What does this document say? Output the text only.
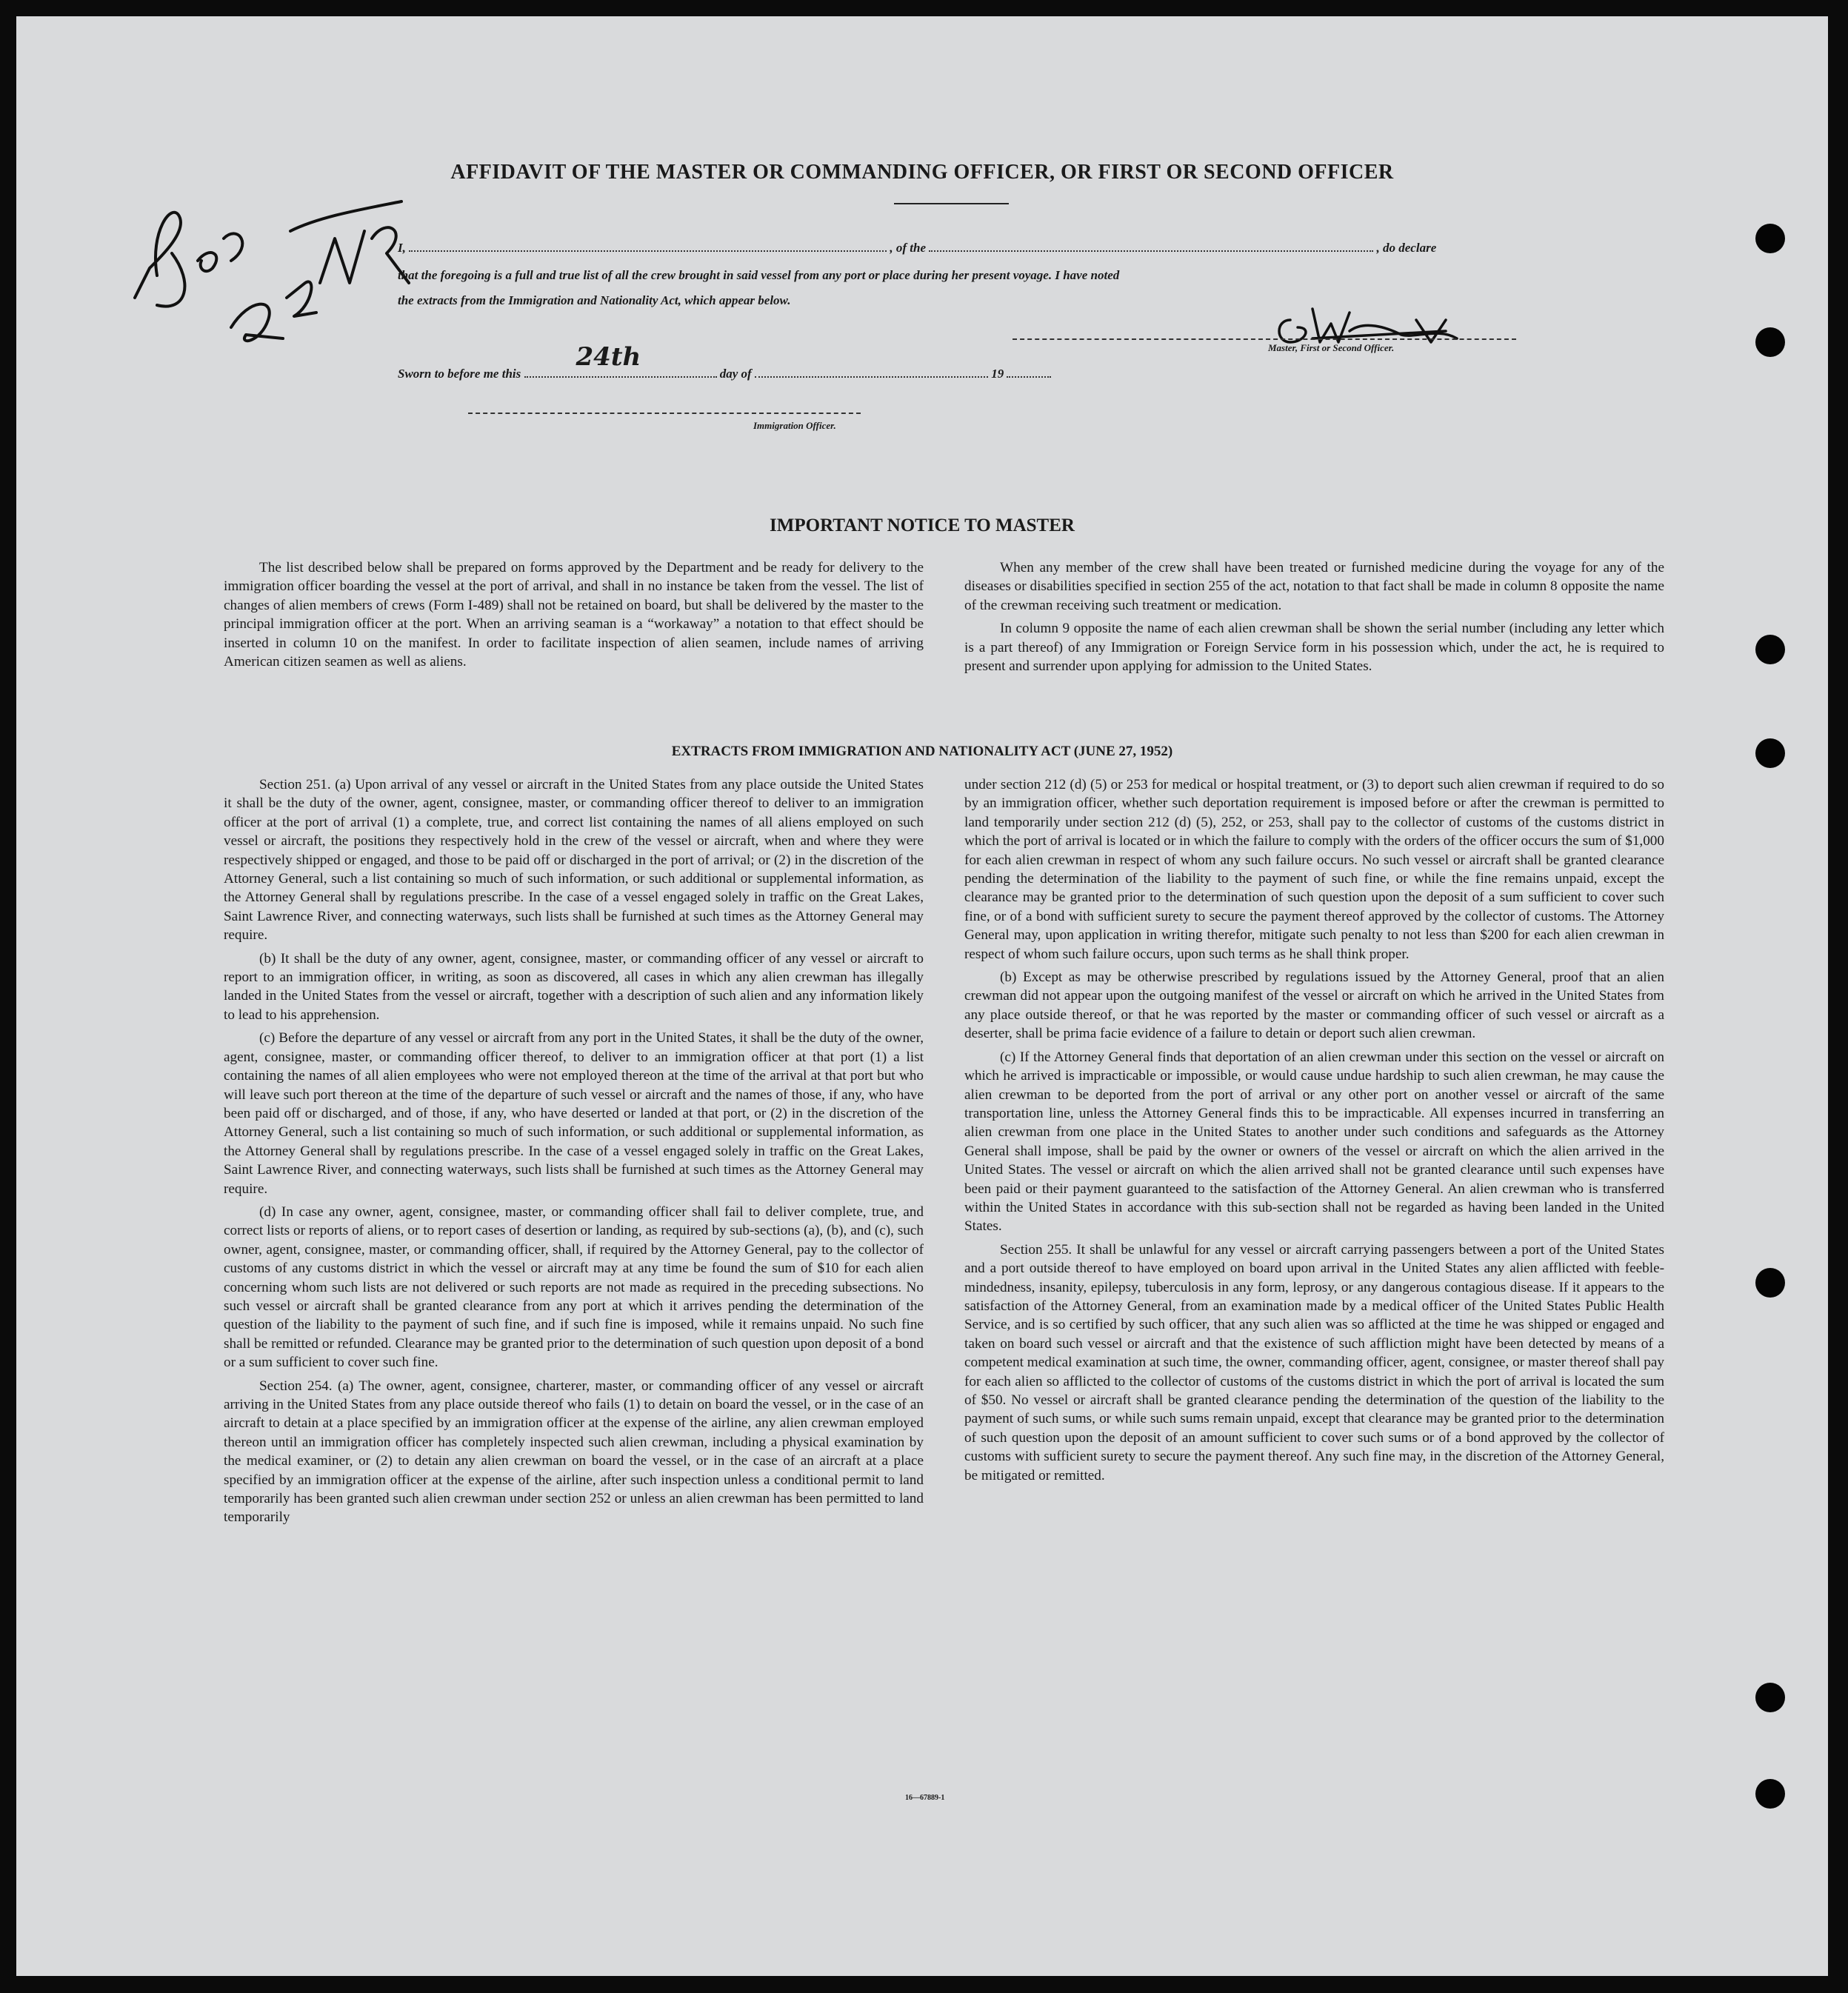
AFFIDAVIT OF THE MASTER OR COMMANDING OFFICER, OR FIRST OR SECOND OFFICER
I,	, of the	, do declare
that the foregoing is a full and true list of all the crew brought in said vessel from any port or place during her present voyage. I have noted
the extracts from the Immigration and Nationality Act, which appear below.
Master, First or Second Officer.
Sworn to before me this
24th
day of	19
Immigration Officer.
IMPORTANT NOTICE TO MASTER

The list described below shall be prepared on forms approved by the Department and be ready for delivery to the immigration officer boarding the vessel at the port of arrival, and shall in no instance be taken from the vessel. The list of changes of alien members of crews (Form I-489) shall not be retained on board, but shall be delivered by the master to the principal immigration officer at the port. When an arriving seaman is a “workaway” a notation to that effect should be inserted in column 10 on the manifest. In order to facilitate inspection of alien seamen, include names of arriving American citizen seamen as well as aliens.

When any member of the crew shall have been treated or furnished medicine during the voyage for any of the diseases or disabilities specified in section 255 of the act, notation to that fact shall be made in column 8 opposite the name of the crewman receiving such treatment or medication.

In column 9 opposite the name of each alien crewman shall be shown the serial number (including any letter which is a part thereof) of any Immigration or Foreign Service form in his possession which, under the act, he is required to present and surrender upon applying for admission to the United States.

EXTRACTS FROM IMMIGRATION AND NATIONALITY ACT (JUNE 27, 1952)

Section 251. (a) Upon arrival of any vessel or aircraft in the United States from any place outside the United States it shall be the duty of the owner, agent, consignee, master, or commanding officer thereof to deliver to an immigration officer at the port of arrival (1) a complete, true, and correct list containing the names of all aliens employed on such vessel or aircraft, the positions they respectively hold in the crew of the vessel or aircraft, when and where they were respectively shipped or engaged, and those to be paid off or discharged in the port of arrival; or (2) in the discretion of the Attorney General, such a list containing so much of such information, or such additional or supplemental information, as the Attorney General shall by regulations prescribe. In the case of a vessel engaged solely in traffic on the Great Lakes, Saint Lawrence River, and connecting waterways, such lists shall be furnished at such times as the Attorney General may require.

(b) It shall be the duty of any owner, agent, consignee, master, or commanding officer of any vessel or aircraft to report to an immigration officer, in writing, as soon as discovered, all cases in which any alien crewman has illegally landed in the United States from the vessel or aircraft, together with a description of such alien and any information likely to lead to his apprehension.

(c) Before the departure of any vessel or aircraft from any port in the United States, it shall be the duty of the owner, agent, consignee, master, or commanding officer thereof, to deliver to an immigration officer at that port (1) a list containing the names of all alien employees who were not employed thereon at the time of the arrival at that port but who will leave such port thereon at the time of the departure of such vessel or aircraft and the names of those, if any, who have been paid off or discharged, and of those, if any, who have deserted or landed at that port, or (2) in the discretion of the Attorney General, such a list containing so much of such information, or such additional or supplemental information, as the Attorney General shall by regulations prescribe. In the case of a vessel engaged solely in traffic on the Great Lakes, Saint Lawrence River, and connecting waterways, such lists shall be furnished at such times as the Attorney General may require.

(d) In case any owner, agent, consignee, master, or commanding officer shall fail to deliver complete, true, and correct lists or reports of aliens, or to report cases of desertion or landing, as required by sub-sections (a), (b), and (c), such owner, agent, consignee, master, or commanding officer, shall, if required by the Attorney General, pay to the collector of customs of any customs district in which the vessel or aircraft may at any time be found the sum of $10 for each alien concerning whom such lists are not delivered or such reports are not made as required in the preceding subsections. No such vessel or aircraft shall be granted clearance from any port at which it arrives pending the determination of the question of the liability to the payment of such fine, and if such fine is imposed, while it remains unpaid. No such fine shall be remitted or refunded. Clearance may be granted prior to the determination of such question upon deposit of a bond or a sum sufficient to cover such fine.

Section 254. (a) The owner, agent, consignee, charterer, master, or commanding officer of any vessel or aircraft arriving in the United States from any place outside thereof who fails (1) to detain on board the vessel, or in the case of an aircraft to detain at a place specified by an immigration officer at the expense of the airline, any alien crewman employed thereon until an immigration officer has completely inspected such alien crewman, including a physical examination by the medical examiner, or (2) to detain any alien crewman on board the vessel, or in the case of an aircraft at a place specified by an immigration officer at the expense of the airline, after such inspection unless a conditional permit to land temporarily has been granted such alien crewman under section 252 or unless an alien crewman has been permitted to land temporarily

under section 212 (d) (5) or 253 for medical or hospital treatment, or (3) to deport such alien crewman if required to do so by an immigration officer, whether such deportation requirement is imposed before or after the crewman is permitted to land temporarily under section 212 (d) (5), 252, or 253, shall pay to the collector of customs of the customs district in which the port of arrival is located or in which the failure to comply with the orders of the officer occurs the sum of $1,000 for each alien crewman in respect of whom any such failure occurs. No such vessel or aircraft shall be granted clearance pending the determination of the liability to the payment of such fine, or while the fine remains unpaid, except the clearance may be granted prior to the determination of such question upon the deposit of a sum sufficient to cover such fine, or of a bond with sufficient surety to secure the payment thereof approved by the collector of customs. The Attorney General may, upon application in writing therefor, mitigate such penalty to not less than $200 for each alien crewman in respect of whom such failure occurs, upon such terms as he shall think proper.

(b) Except as may be otherwise prescribed by regulations issued by the Attorney General, proof that an alien crewman did not appear upon the outgoing manifest of the vessel or aircraft on which he arrived in the United States from any place outside thereof, or that he was reported by the master or commanding officer of such vessel or aircraft as a deserter, shall be prima facie evidence of a failure to detain or deport such alien crewman.

(c) If the Attorney General finds that deportation of an alien crewman under this section on the vessel or aircraft on which he arrived is impracticable or impossible, or would cause undue hardship to such alien crewman, he may cause the alien crewman to be deported from the port of arrival or any other port on another vessel or aircraft of the same transportation line, unless the Attorney General finds this to be impracticable. All expenses incurred in transferring an alien crewman from one place in the United States to another under such conditions and safeguards as the Attorney General shall impose, shall be paid by the owner or owners of the vessel or aircraft on which the alien arrived in the United States. The vessel or aircraft on which the alien arrived shall not be granted clearance until such expenses have been paid or their payment guaranteed to the satisfaction of the Attorney General. An alien crewman who is transferred within the United States in accordance with this sub-section shall not be regarded as having been landed in the United States.

Section 255. It shall be unlawful for any vessel or aircraft carrying passengers between a port of the United States and a port outside thereof to have employed on board upon arrival in the United States any alien afflicted with feeble-mindedness, insanity, epilepsy, tuberculosis in any form, leprosy, or any dangerous contagious disease. If it appears to the satisfaction of the Attorney General, from an examination made by a medical officer of the United States Public Health Service, and is so certified by such officer, that any such alien was so afflicted at the time he was shipped or engaged and taken on board such vessel or aircraft and that the existence of such affliction might have been detected by means of a competent medical examination at such time, the owner, commanding officer, agent, consignee, or master thereof shall pay for each alien so afflicted to the collector of customs of the customs district in which the port of arrival is located the sum of $50. No vessel or aircraft shall be granted clearance pending the determination of the question of the liability to the payment of such sums, or while such sums remain unpaid, except that clearance may be granted prior to the determination of such question upon the deposit of an amount sufficient to cover such sums or of a bond approved by the collector of customs with sufficient surety to secure the payment thereof. Any such fine may, in the discretion of the Attorney General, be mitigated or remitted.

16—67889-1
